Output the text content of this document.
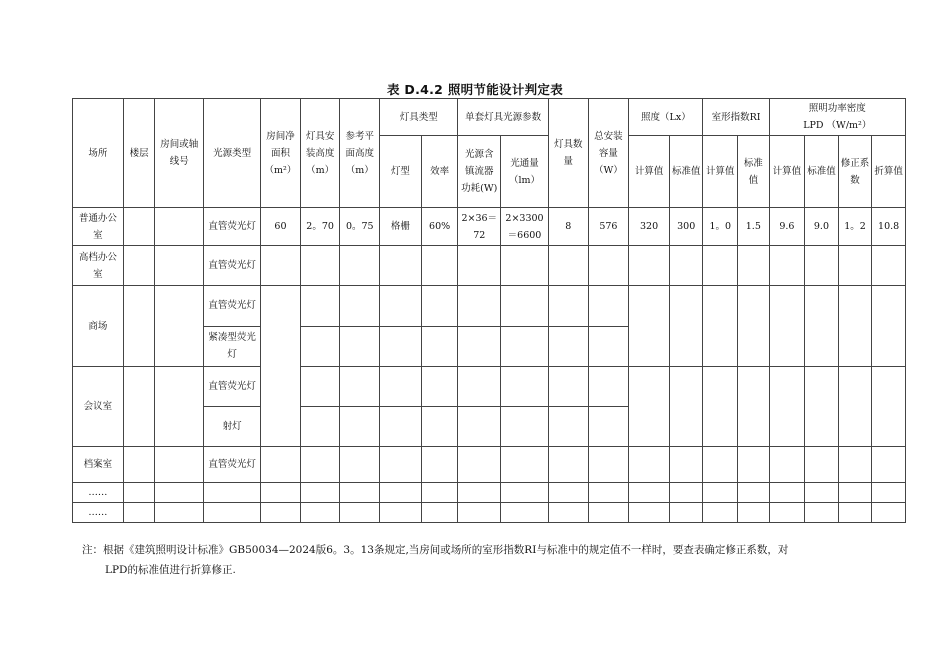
表 D.4.2 照明节能设计判定表
场所	楼层	房间或轴线号	光源类型	房间净面积（m²）	灯具安装高度（m）	参考平面高度（m）	灯具类型		单套灯具光源参数		灯具数量	总安装容量（W）	照度（Lx）		室形指数RI		照明功率密度
LPD （W/m²）			

							灯型	效率	光源含镇流器功耗(W)	光通量（lm）			计算值	标准值	计算值	标准值	计算值	标准值	修正系数	折算值
普通办公室			直管荧光灯	60	2。70	0。75	格栅	60%	2×36＝72	2×3300＝6600	8	576	320	300	1。0	1.5	9.6	9.0	1。2	10.8
高档办公室			直管荧光灯																	
商场			直管荧光灯																	
			紧凑型荧光灯																	
会议室			直管荧光灯																	
			射灯																	
档案室			直管荧光灯																	
……																				
……																				
注：根据《建筑照明设计标准》GB50034—2024版6。3。13条规定,当房间或场所的室形指数RI与标准中的规定值不一样时，要查表确定修正系数，对
LPD的标准值进行折算修正.
